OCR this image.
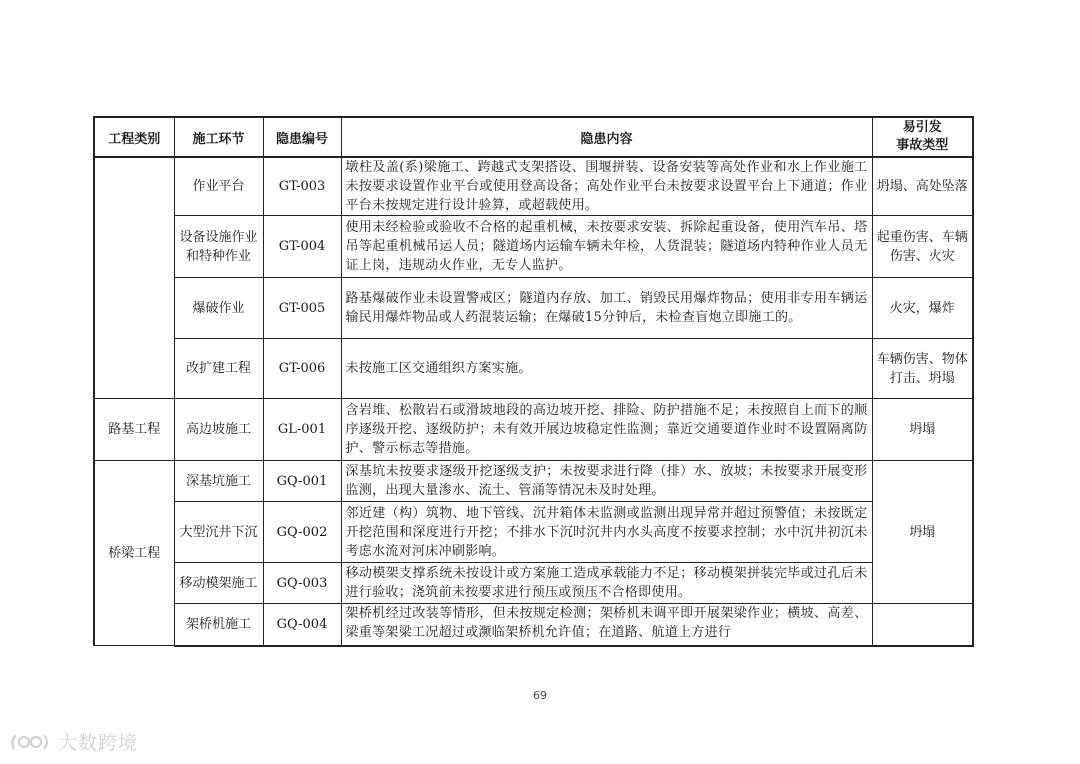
工程类别	施工环节	隐患编号	隐患内容	易引发
事故类型
	作业平台	GT-003	墩柱及盖(系)梁施工、跨越式支架搭设、围堰拼装、设备安装等高处作业和水上作业施工未按要求设置作业平台或使用登高设备；高处作业平台未按要求设置平台上下通道；作业平台未按规定进行设计验算，或超载使用。	坍塌、高处坠落
	设备设施作业和特种作业	GT-004	使用未经检验或验收不合格的起重机械，未按要求安装、拆除起重设备，使用汽车吊、塔吊等起重机械吊运人员；隧道场内运输车辆未年检，人货混装；隧道场内特种作业人员无证上岗，违规动火作业，无专人监护。	起重伤害、车辆伤害、火灾
	爆破作业	GT-005	路基爆破作业未设置警戒区；隧道内存放、加工、销毁民用爆炸物品；使用非专用车辆运输民用爆炸物品或人药混装运输；在爆破15分钟后，未检查盲炮立即施工的。	火灾，爆炸
	改扩建工程	GT-006	未按施工区交通组织方案实施。	车辆伤害、物体打击、坍塌
路基工程	高边坡施工	GL-001	含岩堆、松散岩石或滑坡地段的高边坡开挖、排险、防护措施不足；未按照自上而下的顺序逐级开挖、逐级防护；未有效开展边坡稳定性监测；靠近交通要道作业时不设置隔离防护、警示标志等措施。	坍塌
桥梁工程	深基坑施工	GQ-001	深基坑未按要求逐级开挖逐级支护；未按要求进行降（排）水、放坡；未按要求开展变形监测，出现大量渗水、流土、管涌等情况未及时处理。	坍塌
	大型沉井下沉	GQ-002	邻近建（构）筑物、地下管线、沉井箱体未监测或监测出现异常并超过预警值；未按既定开挖范围和深度进行开挖；不排水下沉时沉井内水头高度不按要求控制；水中沉井初沉未考虑水流对河床冲刷影响。	
	移动模架施工	GQ-003	移动模架支撑系统未按设计或方案施工造成承载能力不足；移动模架拼装完毕或过孔后未进行验收；浇筑前未按要求进行预压或预压不合格即使用。	
	架桥机施工	GQ-004	架桥机经过改装等情形，但未按规定检测；架桥机未调平即开展架梁作业；横坡、高差、梁重等架梁工况超过或濒临架桥机允许值；在道路、航道上方进行	

69
大数跨境
